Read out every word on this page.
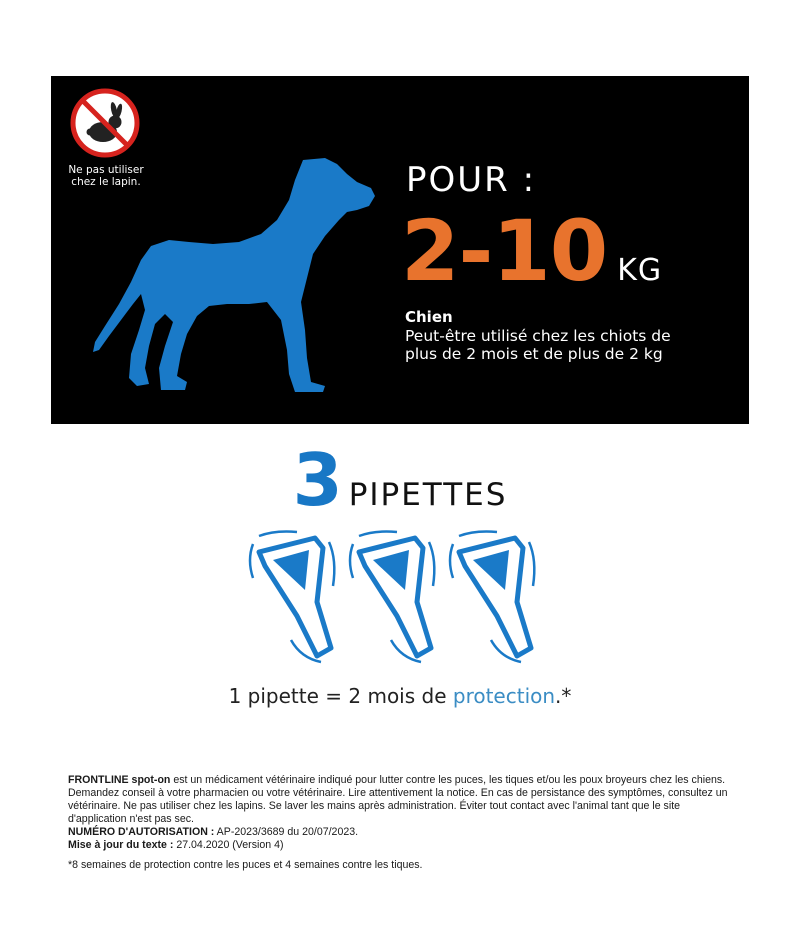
Ne pas utiliser
chez le lapin.	POUR :
2-10 KG
Chien
Peut-être utilisé chez les chiots de plus de 2 mois et de plus de 2 kg
3 PIPETTES
1 pipette = 2 mois de protection.*

FRONTLINE spot-on est un médicament vétérinaire indiqué pour lutter contre les puces, les tiques et/ou les poux broyeurs chez les chiens. Demandez conseil à votre pharmacien ou votre vétérinaire. Lire attentivement la notice. En cas de persistance des symptômes, consultez un vétérinaire. Ne pas utiliser chez les lapins. Se laver les mains après administration. Éviter tout contact avec l'animal tant que le site d'application n'est pas sec.

NUMÉRO D'AUTORISATION : AP-2023/3689 du 20/07/2023.

Mise à jour du texte : 27.04.2020 (Version 4)

*8 semaines de protection contre les puces et 4 semaines contre les tiques.
